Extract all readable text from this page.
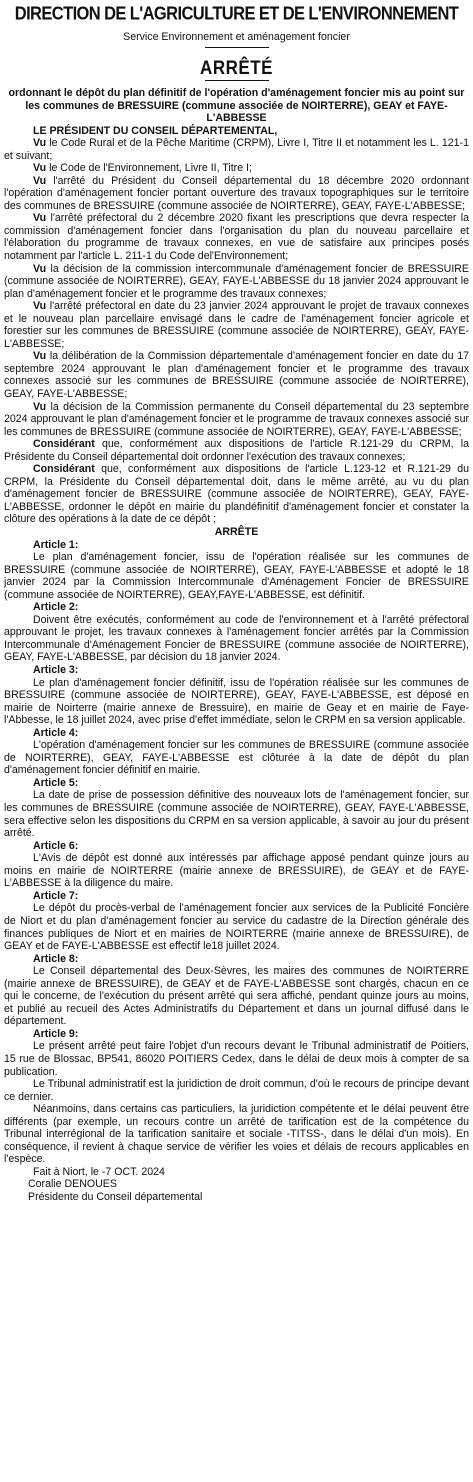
DIRECTION DE L'AGRICULTURE ET DE L'ENVIRONNEMENT

Service Environnement et aménagement foncier

ARRÊTÉ

ordonnant le dépôt du plan définitif de l'opération d'aménagement foncier mis au point sur les communes de BRESSUIRE (commune associée de NOIRTERRE), GEAY et FAYE-L'ABBESSE

LE PRÉSIDENT DU CONSEIL DÉPARTEMENTAL,

Vu le Code Rural et de la Pêche Maritime (CRPM), Livre I, Titre II et notamment les L. 121-1 et suivant;

Vu le Code de l'Environnement, Livre II, Titre I;

Vu l'arrêté du Président du Conseil départemental du 18 décembre 2020 ordonnant l'opération d'aménagement foncier portant ouverture des travaux topographiques sur le territoire des communes de BRESSUIRE (commune associée de NOIRTERRE), GEAY, FAYE-L'ABBESSE;

Vu l'arrêté préfectoral du 2 décembre 2020 fixant les prescriptions que devra respecter la commission d'aménagement foncier dans l'organisation du plan du nouveau parcellaire et l'élaboration du programme de travaux connexes, en vue de satisfaire aux principes posés notamment par l'article L. 211-1 du Code del'Environnement;

Vu la décision de la commission intercommunale d'aménagement foncier de BRESSUIRE (commune associée de NOIRTERRE), GEAY, FAYE-L'ABBESSE du 18 janvier 2024 approuvant le plan d'aménagement foncier et le programme des travaux connexes;

Vu l'arrêté préfectoral en date du 23 janvier 2024 approuvant le projet de travaux connexes et le nouveau plan parcellaire envisagé dans le cadre de l'aménagement foncier agricole et forestier sur les communes de BRESSUIRE (commune associée de NOIRTERRE), GEAY, FAYE-L'ABBESSE;

Vu la délibération de la Commission départementale d'aménagement foncier en date du 17 septembre 2024 approuvant le plan d'aménagement foncier et le programme des travaux connexes associé sur les communes de BRESSUIRE (commune associée de NOIRTERRE), GEAY, FAYE-L'ABBESSE;

Vu la décision de la Commission permanente du Conseil départemental du 23 septembre 2024 approuvant le plan d'aménagement foncier et le programme de travaux connexes associé sur les communes de BRESSUIRE (commune associée de NOIRTERRE), GEAY, FAYE-L'ABBESSE;

Considérant que, conformément aux dispositions de l'article R.121-29 du CRPM, la Présidente du Conseil départemental doit ordonner l'exécution des travaux connexes;

Considérant que, conformément aux dispositions de l'article L.123-12 et R.121-29 du CRPM, la Présidente du Conseil départemental doit, dans le même arrêté, au vu du plan d'aménagement foncier de BRESSUIRE (commune associée de NOIRTERRE), GEAY, FAYE-L'ABBESSE, ordonner le dépôt en mairie du plandéfinitif d'aménagement foncier et constater la clôture des opérations à la date de ce dépôt ;

ARRÊTE

Article 1:

Le plan d'aménagement foncier, issu de l'opération réalisée sur les communes de BRESSUIRE (commune associée de NOIRTERRE), GEAY, FAYE-L'ABBESSE et adopté le 18 janvier 2024 par la Commission Intercommunale d'Aménagement Foncier de BRESSUIRE (commune associée de NOIRTERRE), GEAY,FAYE-L'ABBESSE, est définitif.

Article 2:

Doivent être exécutés, conformément au code de l'environnement et à l'arrêté préfectoral approuvant le projet, les travaux connexes à l'aménagement foncier arrêtés par la Commission Intercommunale d'Aménagement Foncier de BRESSUIRE (commune associée de NOIRTERRE), GEAY, FAYE-L'ABBESSE, par décision du 18 janvier 2024.

Article 3:

Le plan d'aménagement foncier définitif, issu de l'opération réalisée sur les communes de BRESSUIRE (commune associée de NOIRTERRE), GEAY, FAYE-L'ABBESSE, est déposé en mairie de Noirterre (mairie annexe de Bressuire), en mairie de Geay et en mairie de Faye-l'Abbesse, le 18 juillet 2024, avec prise d'effet immédiate, selon le CRPM en sa version applicable.

Article 4:

L'opération d'aménagement foncier sur les communes de BRESSUIRE (commune associée de NOIRTERRE), GEAY, FAYE-L'ABBESSE est clôturée à la date de dépôt du plan d'aménagement foncier définitif en mairie.

Article 5:

La date de prise de possession définitive des nouveaux lots de l'aménagement foncier, sur les communes de BRESSUIRE (commune associée de NOIRTERRE), GEAY, FAYE-L'ABBESSE, sera effective selon les dispositions du CRPM en sa version applicable, à savoir au jour du présent arrêté.

Article 6:

L'Avis de dépôt est donné aux intéressés par affichage apposé pendant quinze jours au moins en mairie de NOIRTERRE (mairie annexe de BRESSUIRE), de GEAY et de FAYE-L'ABBESSE à la diligence du maire.

Article 7:

Le dépôt du procès-verbal de l'aménagement foncier aux services de la Publicité Foncière de Niort et du plan d'aménagement foncier au service du cadastre de la Direction générale des finances publiques de Niort et en mairies de NOIRTERRE (mairie annexe de BRESSUIRE), de GEAY et de FAYE-L'ABBESSE est effectif le18 juillet 2024.

Article 8:

Le Conseil départemental des Deux-Sèvres, les maires des communes de NOIRTERRE (mairie annexe de BRESSUIRE), de GEAY et de FAYE-L'ABBESSE sont chargés, chacun en ce qui le concerne, de l'exécution du présent arrêté qui sera affiché, pendant quinze jours au moins, et publié au recueil des Actes Administratifs du Département et dans un journal diffusé dans le département.

Article 9:

Le présent arrêté peut faire l'objet d'un recours devant le Tribunal administratif de Poitiers, 15 rue de Blossac, BP541, 86020 POITIERS Cedex, dans le délai de deux mois à compter de sa publication.

Le Tribunal administratif est la juridiction de droit commun, d'où le recours de principe devant ce dernier.

Néanmoins, dans certains cas particuliers, la juridiction compétente et le délai peuvent être différents (par exemple, un recours contre un arrêté de tarification est de la compétence du Tribunal interrégional de la tarification sanitaire et sociale -TITSS-, dans le délai d'un mois). En conséquence, il revient à chaque service de vérifier les voies et délais de recours applicables en l'espèce.

Fait à Niort, le -7 OCT. 2024

Coralie DENOUES

Présidente du Conseil départemental
